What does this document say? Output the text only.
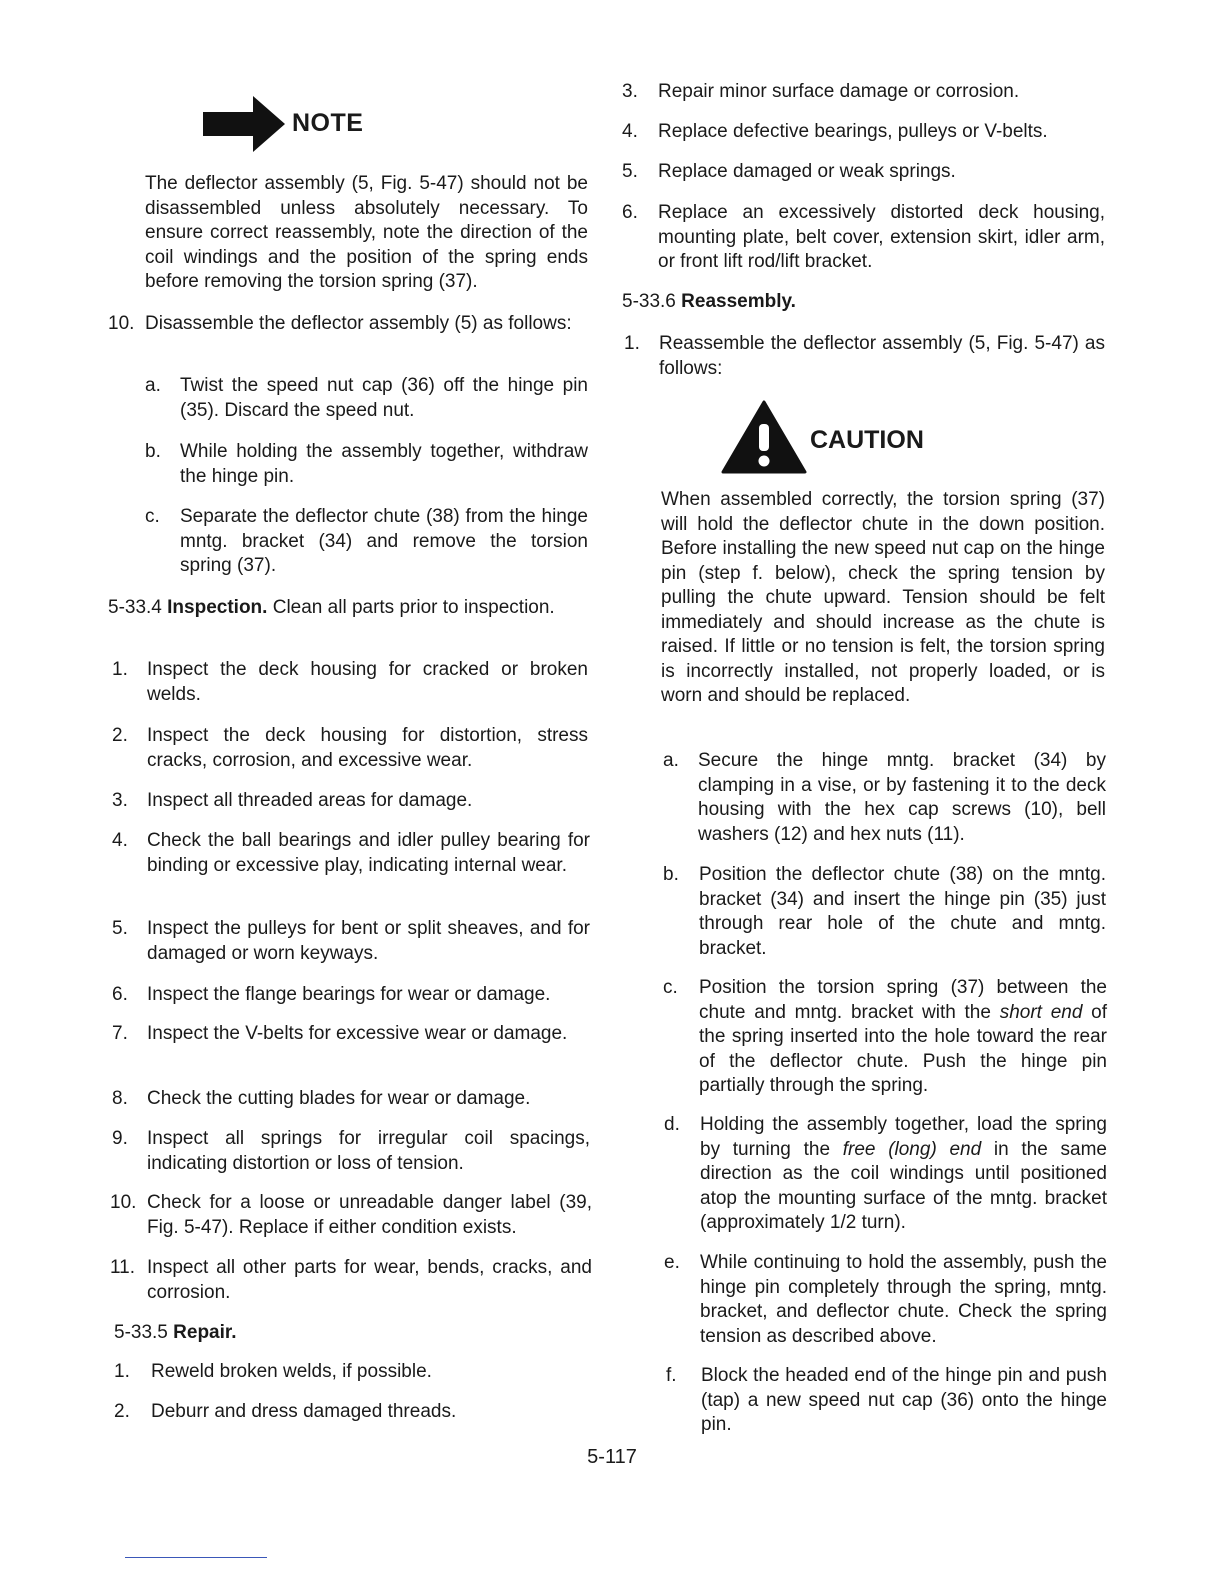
NOTE
The deflector assembly (5, Fig. 5-47) should not be disassembled unless absolutely necessary. To ensure correct reassembly, note the direction of the coil windings and the position of the spring ends before removing the torsion spring (37).
10. Disassemble the deflector assembly (5) as follows:
a. Twist the speed nut cap (36) off the hinge pin (35). Discard the speed nut.
b. While holding the assembly together, withdraw the hinge pin.
c. Separate the deflector chute (38) from the hinge mntg. bracket (34) and remove the torsion spring (37).
5-33.4 Inspection. Clean all parts prior to inspection.
1. Inspect the deck housing for cracked or broken welds.
2. Inspect the deck housing for distortion, stress cracks, corrosion, and excessive wear.
3. Inspect all threaded areas for damage.
4. Check the ball bearings and idler pulley bearing for binding or excessive play, indicating internal wear.
5. Inspect the pulleys for bent or split sheaves, and for damaged or worn keyways.
6. Inspect the flange bearings for wear or damage.
7. Inspect the V-belts for excessive wear or damage.
8. Check the cutting blades for wear or damage.
9. Inspect all springs for irregular coil spacings, indicating distortion or loss of tension.
10. Check for a loose or unreadable danger label (39, Fig. 5-47). Replace if either condition exists.
11. Inspect all other parts for wear, bends, cracks, and corrosion.
5-33.5 Repair.
1. Reweld broken welds, if possible.
2. Deburr and dress damaged threads.
3. Repair minor surface damage or corrosion.
4. Replace defective bearings, pulleys or V-belts.
5. Replace damaged or weak springs.
6. Replace an excessively distorted deck housing, mounting plate, belt cover, extension skirt, idler arm, or front lift rod/lift bracket.
5-33.6 Reassembly.
1. Reassemble the deflector assembly (5, Fig. 5-47) as follows:
CAUTION
When assembled correctly, the torsion spring (37) will hold the deflector chute in the down position. Before installing the new speed nut cap on the hinge pin (step f. below), check the spring tension by pulling the chute upward. Tension should be felt immediately and should increase as the chute is raised. If little or no tension is felt, the torsion spring is incorrectly installed, not properly loaded, or is worn and should be replaced.
a. Secure the hinge mntg. bracket (34) by clamping in a vise, or by fastening it to the deck housing with the hex cap screws (10), bell washers (12) and hex nuts (11).
b. Position the deflector chute (38) on the mntg. bracket (34) and insert the hinge pin (35) just through rear hole of the chute and mntg. bracket.
c. Position the torsion spring (37) between the chute and mntg. bracket with the short end of the spring inserted into the hole toward the rear of the deflector chute. Push the hinge pin partially through the spring.
d. Holding the assembly together, load the spring by turning the free (long) end in the same direction as the coil windings until positioned atop the mounting surface of the mntg. bracket (approximately 1/2 turn).
e. While continuing to hold the assembly, push the hinge pin completely through the spring, mntg. bracket, and deflector chute. Check the spring tension as described above.
f. Block the headed end of the hinge pin and push (tap) a new speed nut cap (36) onto the hinge pin.
5-117
